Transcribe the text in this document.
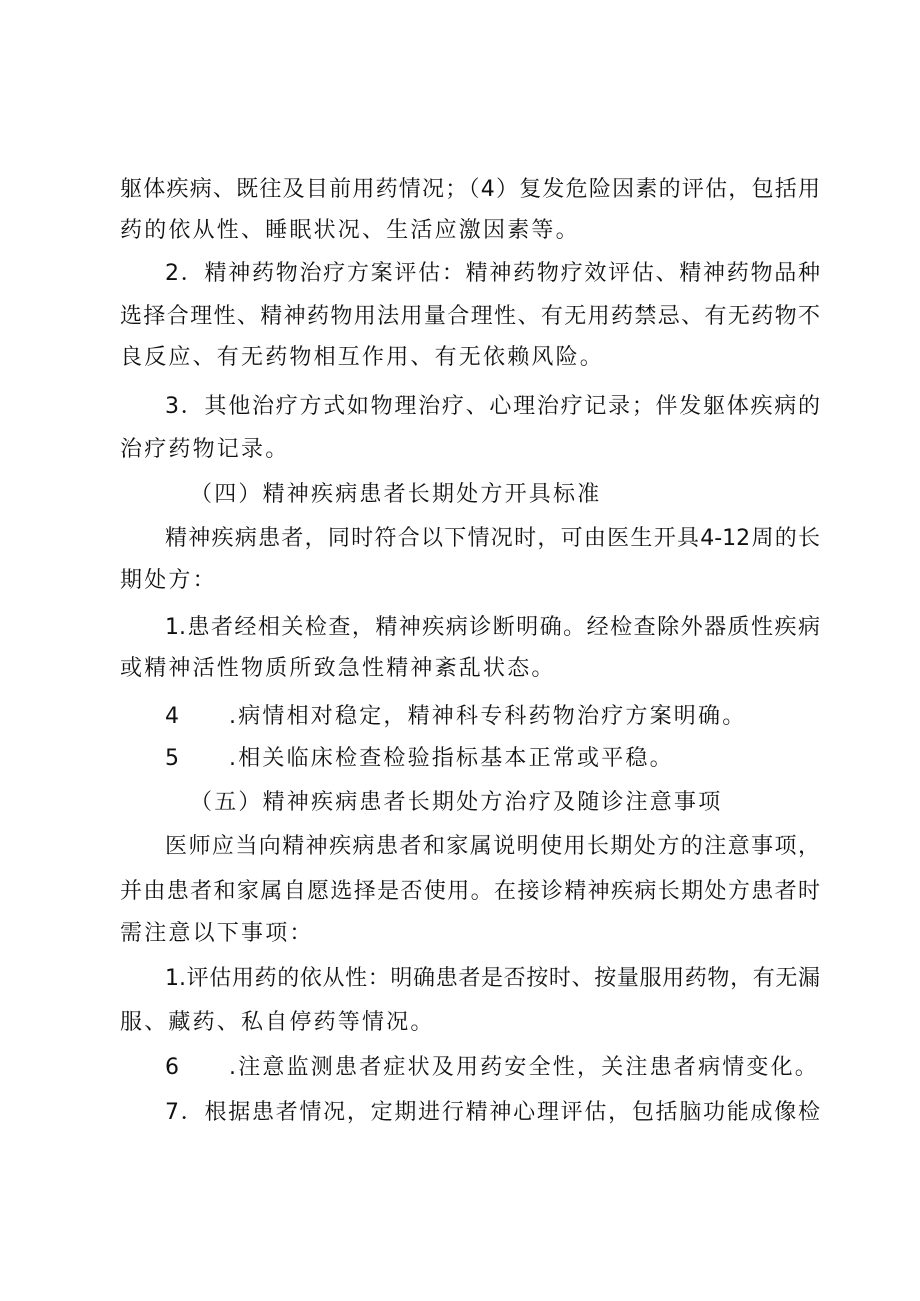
躯体疾病、既往及目前用药情况；（4）复发危险因素的评估，包括用
药的依从性、睡眠状况、生活应激因素等。
2．精神药物治疗方案评估：精神药物疗效评估、精神药物品种
选择合理性、精神药物用法用量合理性、有无用药禁忌、有无药物不
良反应、有无药物相互作用、有无依赖风险。
3．其他治疗方式如物理治疗、心理治疗记录；伴发躯体疾病的
治疗药物记录。
（四）精神疾病患者长期处方开具标准
精神疾病患者，同时符合以下情况时，可由医生开具4-12周的长
期处方：
1.患者经相关检查，精神疾病诊断明确。经检查除外器质性疾病
或精神活性物质所致急性精神紊乱状态。
4 .病情相对稳定，精神科专科药物治疗方案明确。
5 .相关临床检查检验指标基本正常或平稳。
（五）精神疾病患者长期处方治疗及随诊注意事项
医师应当向精神疾病患者和家属说明使用长期处方的注意事项，
并由患者和家属自愿选择是否使用。在接诊精神疾病长期处方患者时
需注意以下事项：
1.评估用药的依从性：明确患者是否按时、按量服用药物，有无漏
服、藏药、私自停药等情况。
6 .注意监测患者症状及用药安全性，关注患者病情变化。
7．根据患者情况，定期进行精神心理评估，包括脑功能成像检
